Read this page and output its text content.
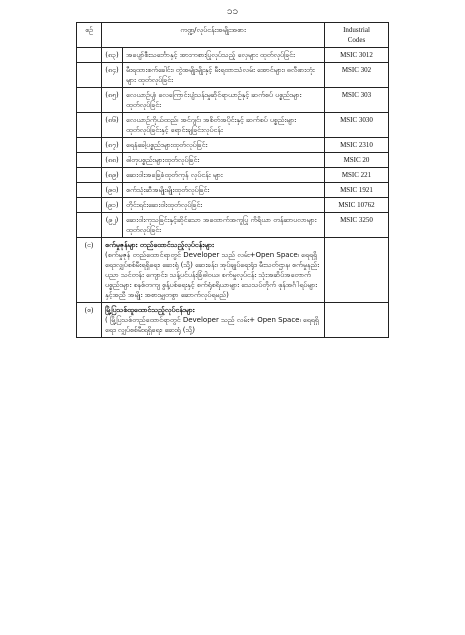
၁၁
စဉ်	ကဏ္ဍ/လုပ်ငန်းအမျိုးအစား		Industrial
Codes
	(၈၃)	အပျော်စီးသင်္ဘောနှင့် အားကစားပြုလုပ်သည့် လှေများ ထုတ်လုပ်ခြင်း	MSIC 3012
	(၈၄)	မီးရထားစက်ခေါင်း၊ တွဲအမျိုးမျိုးနှင့် မီးရထားသံလမ်း အောင်များ၊ ဓလီဖားတုံးများ ထုတ်လုပ်ခြင်း	MSIC 302
	(၈၅)	လေယာဉ်ပျံ၊ လေကြောင်းပျံသန်းမှုဆိုင်ရာယာဉ်နှင့် ဆက်စပ် ပစ္စည်းများ ထုတ်လုပ်ခြင်း	MSIC 303
	(၈၆)	လေယာဉ်ကိုယ်ထည်၊ အင်ဂျင်၊ အစိတ်အပိုင်းနှင့် ဆက်စပ် ပစ္စည်းများ ထုတ်လုပ်ခြင်းနှင့် ရောင်းချခြင်းလုပ်ငန်း	MSIC 3030
	(၈၇)	ရေနံခေါ့ပစ္စည်းများထုတ်လုပ်ခြင်း	MSIC 2310
	(၈၈)	ဓါတုပစ္စည်းများထုတ်လုပ်ခြင်း	MSIC 20
	(၈၉)	ဆေးဝါးအခြေခံထုတ်ကုန် လုပ်ငန်း များ	MSIC 221
	(၉၀)	စက်သုံးဆီအမျိုးမျိုးထုတ်လုပ်ခြင်း	MSIC 1921
	(၉၁)	တိုင်းရင်းဆေးဝါးထုတ်လုပ်ခြင်း	MSIC 10762
	(၉၂)	ဆေးဝါးကုသခြင်းနှင့်ဆိုင်သော အထောက်အကူပြု ကိရိယာ တန်ဆာပလာများ ထုတ်လုပ်ခြင်း	MSIC 3250
(င)	စက်မှုဇုန်များ တည်ထောင်သည့်လုပ်ငန်းများ
(စက်မှုဇုန် တည်ထောင်ရာတွင် Developer သည် လမ်း+Open Space၊ ရေရရှိရေး၊လျှပ်စစ်မီးရရှိရေး၊ ဆေးရုံ (သို့) ဆေးခန်း၊ အုပ်ချုပ်ရေးရုံး၊ မီးသတ်ဌာန၊ စက်မှုနည်းပညာ သင်တန်း ကျောင်း၊ သန့်ပင်ပန်းခြံဓါဝယ၊ စက်မှုလုပ်ငန်း သုံးအဆိပ်အတောက်ပစ္စည်းများ စနစ်တကျ စွန့်ပစ်ရေးနှင့် စက်ရုံစရိယာများ သေသပ်တိုက် ဖုန်အင်္ဂါရပ်များနှင့်အညီ အမျိုး အစားမျှတစွာ ဆောက်လုပ်ရမည်)		

(စ)	မြို့ပြသစ်ထူထောင်သည့်လုပ်ငန်းများ
( မြို့ပြသစ်တည်ထောင်ရာတွင် Developer သည် လမ်း+ Open Space၊ ရေရရှိ ရေး၊ လျှပ်စစ်မီးရရှိရေး၊ ဆေးရုံ (သို့)		
